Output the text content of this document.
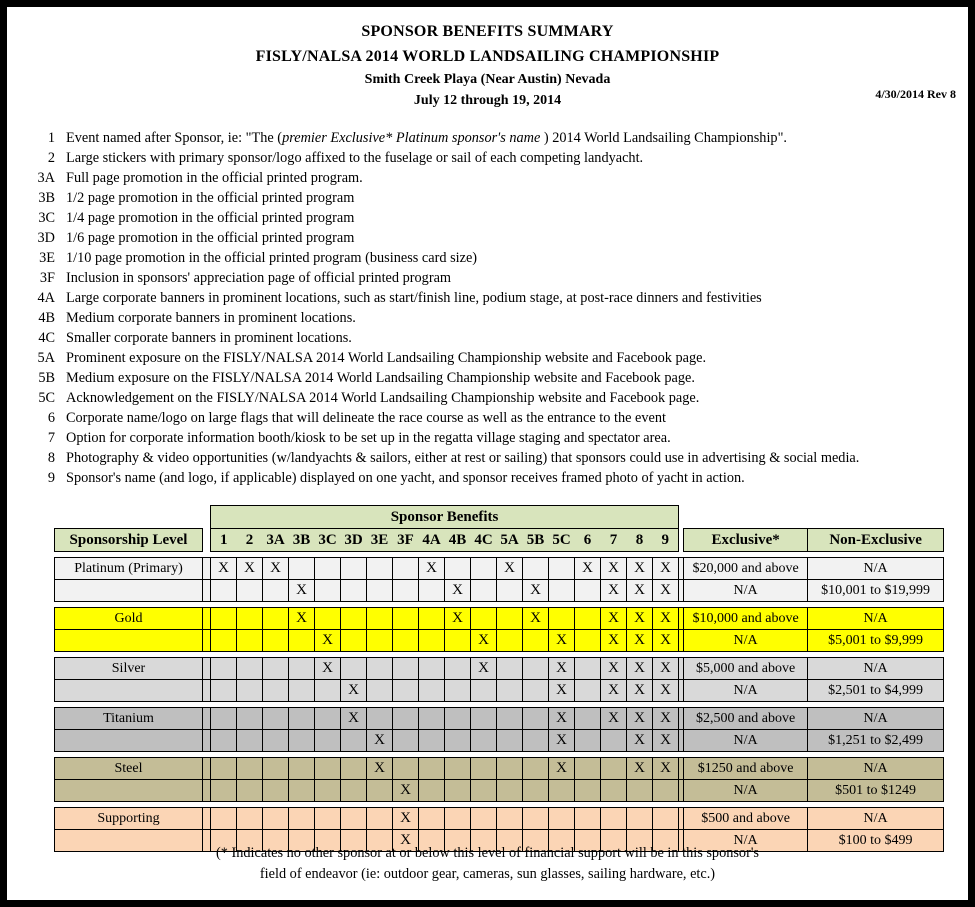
SPONSOR BENEFITS SUMMARY
FISLY/NALSA 2014 WORLD LANDSAILING CHAMPIONSHIP
Smith Creek Playa (Near Austin) Nevada
July 12 through 19, 2014	4/30/2014 Rev 8
1 Event named after Sponsor, ie: "The (premier Exclusive* Platinum sponsor's name ) 2014 World Landsailing Championship".
2 Large stickers with primary sponsor/logo affixed to the fuselage or sail of each competing landyacht.
3A Full page promotion in the official printed program.
3B 1/2 page promotion in the official printed program
3C 1/4 page promotion in the official printed program
3D 1/6 page promotion in the official printed program
3E 1/10 page promotion in the official printed program (business card size)
3F Inclusion in sponsors' appreciation page of official printed program
4A Large corporate banners in prominent locations, such as start/finish line, podium stage, at post-race dinners and festivities
4B Medium corporate banners in prominent locations.
4C Smaller corporate banners in prominent locations.
5A Prominent exposure on the FISLY/NALSA 2014 World Landsailing Championship website and Facebook page.
5B Medium exposure on the FISLY/NALSA 2014 World Landsailing Championship website and Facebook page.
5C Acknowledgement on the FISLY/NALSA 2014 World Landsailing Championship website and Facebook page.
6 Corporate name/logo on large flags that will delineate the race course as well as the entrance to the event
7 Option for corporate information booth/kiosk to be set up in the regatta village staging and spectator area.
8 Photography & video opportunities (w/landyachts & sailors, either at rest or sailing) that sponsors could use in advertising & social media.
9 Sponsor's name (and logo, if applicable) displayed on one yacht, and sponsor receives framed photo of yacht in action.
		Sponsor Benefits																				
Sponsorship Level		1	2	3A	3B	3C	3D	3E	3F	4A	4B	4C	5A	5B	5C	6	7	8	9		Exclusive*	Non-Exclusive

Platinum (Primary)		X	X	X						X			X			X	X	X	X		$20,000 and above	N/A
					X						X			X			X	X	X		N/A	$10,001 to $19,999

Gold					X						X			X			X	X	X		$10,000 and above	N/A
						X						X			X		X	X	X		N/A	$5,001 to $9,999

Silver						X						X			X		X	X	X		$5,000 and above	N/A
							X								X		X	X	X		N/A	$2,501 to $4,999

Titanium							X								X		X	X	X		$2,500 and above	N/A
								X							X			X	X		N/A	$1,251 to $2,499

Steel								X							X			X	X		$1250 and above	N/A
									X												N/A	$501 to $1249

Supporting									X												$500 and above	N/A
									X												N/A	$100 to $499
(* Indicates no other sponsor at or below this level of financial support will be in this sponsor's
field of endeavor (ie: outdoor gear, cameras, sun glasses, sailing hardware, etc.)
